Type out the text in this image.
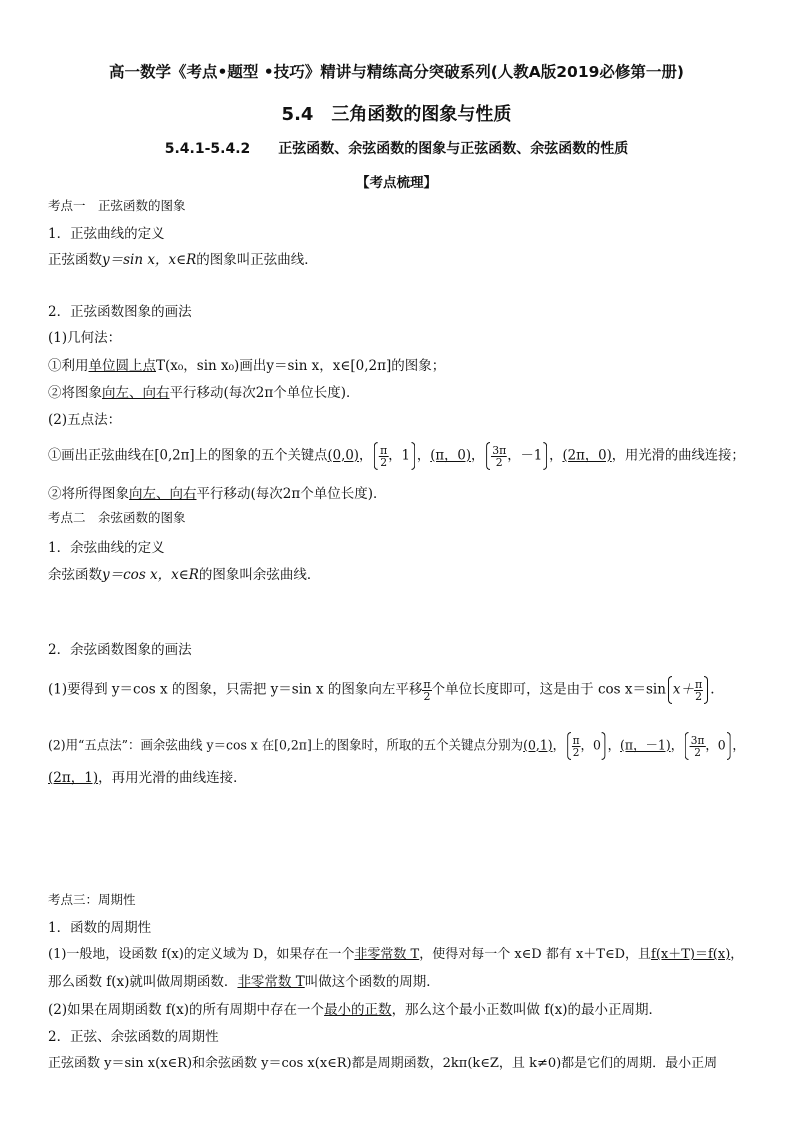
高一数学《考点•题型 •技巧》精讲与精练高分突破系列(人教A版2019必修第一册)
5.4　三角函数的图象与性质
5.4.1-5.4.2　　正弦函数、余弦函数的图象与正弦函数、余弦函数的性质
【考点梳理】
考点一　正弦函数的图象
1．正弦曲线的定义
正弦函数y＝sin x，x∈R的图象叫正弦曲线．
2．正弦函数图象的画法
(1)几何法：
①利用单位圆上点T(x₀，sin x₀)画出y＝sin x，x∈[0,2π]的图象；
②将图象向左、向右平行移动(每次2π个单位长度)．
(2)五点法：
①画出正弦曲线在[0,2π]上的图象的五个关键点(0,0)， $\frac{\pi}{2}$ ，1 ，(π，0)， $\frac{3\pi}{2}$ ，－1 ，(2π，0)，用光滑的曲线连接；
②将所得图象向左、向右平行移动(每次2π个单位长度)．
考点二　余弦函数的图象
1．余弦曲线的定义
余弦函数y＝cos x，x∈R的图象叫余弦曲线．
2．余弦函数图象的画法
(1)要得到 y＝cos x 的图象，只需把 y＝sin x 的图象向左平移 $\frac{\pi}{2}$ 个单位长度即可，这是由于 cos x＝sin $x+ \frac{\pi}{2}$ .
(2)用“五点法”：画余弦曲线 y＝cos x 在[0,2π]上的图象时，所取的五个关键点分别为(0,1)， $\frac{\pi}{2}$ ，0 ，(π，－1)， $\frac{3\pi}{2}$ ，0 ，
(2π，1)，再用光滑的曲线连接．
考点三：周期性
1．函数的周期性
(1)一般地，设函数 f(x)的定义域为 D，如果存在一个非零常数 T，使得对每一个 x∈D 都有 x＋T∈D，且f(x＋T)＝f(x)，
那么函数 f(x)就叫做周期函数．非零常数 T叫做这个函数的周期．
(2)如果在周期函数 f(x)的所有周期中存在一个最小的正数，那么这个最小正数叫做 f(x)的最小正周期．
2．正弦、余弦函数的周期性
正弦函数 y＝sin x(x∈R)和余弦函数 y＝cos x(x∈R)都是周期函数，2kπ(k∈Z，且 k≠0)都是它们的周期．最小正周
